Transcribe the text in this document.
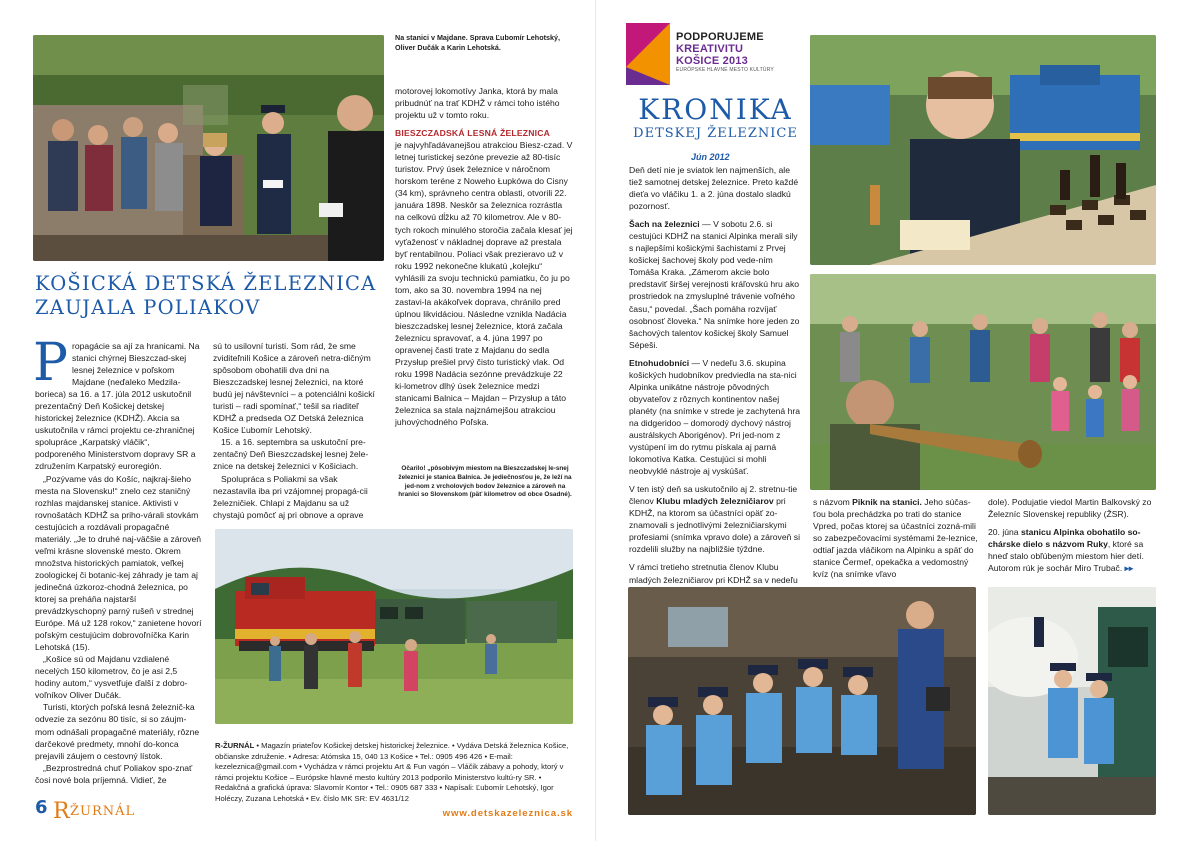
Na stanici v Majdane. Sprava Ľubomír Lehotský, Oliver Dučák a Karin Lehotská.
KOŠICKÁ DETSKÁ ŽELEZNICA
ZAUJALA POLIAKOV
P ropagácie sa ají za hranicami. Na stanici chýrnej Bieszczad-skej lesnej železnice v poľskom Majdane (neďaleko Medzila-borieca) sa 16. a 17. júla 2012 uskutočnil prezentačný Deň Košickej detskej historickej železnice (KDHŽ). Akcia sa uskutočnila v rámci projektu ce-zhraničnej spolupráce „Karpatský vláčik“, podporeného Ministerstvom dopravy SR a združením Karpatský euroregión.

„Pozývame vás do Košíc, najkraj-šieho mesta na Slovensku!“ znelo cez staničný rozhlas majdanskej stanice. Aktivisti v rovnošatách KDHŽ sa priho-várali stovkám cestujúcich a rozdávali propagačné materiály. „Je to druhé naj-väčšie a zároveň veľmi krásne slovenské mesto. Okrem množstva historických pamiatok, veľkej zoologickej či botanic-kej záhrady je tam aj jedinečná úzkoroz-chodná železnica, po ktorej sa preháňa najstarší prevádzkyschopný parný rušeň v strednej Európe. Má už 128 rokov,“ zanietene hovorí poľským cestujúcim dobrovoľníčka Karin Lehotská (15).

„Košice sú od Majdanu vzdialené necelých 150 kilometrov, čo je asi 2,5 hodiny autom,“ vysvetľuje ďalší z dobro-voľníkov Oliver Dučák.

Turisti, ktorých poľská lesná železnič-ka odvezie za sezónu 80 tisíc, si so záujm-mom odnášali propagačné materiály, rôzne darčekové predmety, mnohí do-konca prejavili záujem o cestovný lístok.

„Bezprostredná chuť Poliakov spo-znať čosi nové bola príjemná. Vidieť, že

sú to usilovní turisti. Som rád, že sme zviditeľnili Košice a zároveň netra-dičným spôsobom obohatili dva dni na Bieszczadskej lesnej železnici, na ktoré budú jej návštevníci – a potenciálni košickí turisti – radi spomínať,“ tešil sa riaditeľ KDHŽ a predseda OZ Detská železnica Košice Ľubomír Lehotský.

15. a 16. septembra sa uskutoční pre-zentačný Deň Bieszczadskej lesnej žele-znice na detskej železnici v Košiciach.

Spolupráca s Poliakmi sa však nezastavila iba pri vzájomnej propagá-cii železničiek. Chlapi z Majdanu sa už chystajú pomôcť aj pri obnove a oprave

motorovej lokomotívy Janka, ktorá by mala pribudnúť na trať KDHŽ v rámci toho istého projektu už v tomto roku.

BIESZCZADSKÁ LESNÁ ŽELEZNICA
je najvyhľadávanejšou atrakciou Biesz-czad. V letnej turistickej sezóne prevezie až 80-tisíc turistov. Prvý úsek železnice v náročnom horskom teréne z Noweho Łupkówa do Cisny (34 km), správneho centra oblasti, otvorili 22. januára 1898. Neskôr sa železnica rozrástla na celkovú dĺžku až 70 kilometrov. Ale v 80-tych rokoch minulého storočia začala klesať jej vyťaženosť v nákladnej doprave až prestala byť rentabilnou. Poliaci však prezieravo už v roku 1992 nekonečne klukatú „kolejku“ vyhlásili za svoju technickú pamiatku, čo ju po tom, ako sa 30. novembra 1994 na nej zastavi-la akákoľvek doprava, chránilo pred úplnou likvidáciou. Následne vznikla Nadácia bieszczadskej lesnej železnice, ktorá začala železnicu spravovať, a 4. júna 1997 po opravenej časti trate z Majdanu do sedla Przysłup prešiel prvý čisto turistický vlak. Od roku 1998 Nadácia sezónne prevádzkuje 22 ki-lometrov dlhý úsek železnice medzi stanicami Balnica – Majdan – Przysłup a táto železnica sa stala najznámejšou atrakciou juhovýchodného Poľska.

Očarilo! „pôsobivým miestom na Bieszczadskej le-snej železnici je stanica Balnica. Je jediečnosťou je, že leží na jed-nom z vrcholových bodov železnice a zároveň na hranici so Slovenskom (päť kilometrov od obce Osadné).
R-ŽURNÁL • Magazín priateľov Košickej detskej historickej železnice. • Vydáva Detská železnica Košice, občianske združenie. • Adresa: Atómska 15, 040 13 Košice • Tel.: 0905 496 426 • E-mail: kezeleznica@gmail.com • Vychádza v rámci projektu Art & Fun vagón – Vláčik zábavy a pohody, ktorý v rámci projektu Košice – Európske hlavné mesto kultúry 2013 podporilo Ministerstvo kultú-ry SR. • Redakčná a grafická úprava: Slavomír Kontor • Tel.: 0905 687 333 • Napísali: Ľubomír Lehotský, Igor Holéczy, Zuzana Lehotská • Ev. číslo MK SR: EV 4631/12
www.detskazeleznica.sk
6 R ŽURNÁL
PODPORUJEME
KREATIVITU
KOŠICE 2013
EURÓPSKE HLAVNÉ MESTO KULTÚRY
KRONIKA
DETSKEJ ŽELEZNICE
Jún 2012

Deň detí nie je sviatok len najmenších, ale tiež samotnej detskej železnice. Preto každé dieťa vo vláčiku 1. a 2. júna dostalo sladkú pozornosť.

Šach na železnici — V sobotu 2.6. si cestujúci KDHŽ na stanici Alpinka merali sily s najlepšími košickými šachistami z Prvej košickej šachovej školy pod vede-ním Tomáša Kraka. „Zámerom akcie bolo predstaviť širšej verejnosti kráľovskú hru ako prostriedok na zmysluplné trávenie voľného času,“ povedal. „Šach pomáha rozvíjať osobnosť človeka.“ Na snímke hore jeden zo šachových talentov košickej školy Samuel Sépeši.

Etnohudobníci — V nedeľu 3.6. skupina košických hudobníkov predviedla na sta-nici Alpinka unikátne nástroje pôvodných obyvateľov z rôznych kontinentov našej planéty (na snímke v strede je zachytená hra na didgeridoo – domorodý dychový nástroj austrálskych Aborigénov). Pri jed-nom z vystúpení im do rytmu pískala aj parná lokomotíva Katka. Cestujúci si mohli neobvyklé nástroje aj vyskúšať.

V ten istý deň sa uskutočnilo aj 2. stretnu-tie členov Klubu mladých železničiarov pri KDHŽ, na ktorom sa účastníci opäť zo-znamovali s jednotlivými železničiarskymi profesiami (snímka vpravo dole) a zároveň si rozdelili služby na najbližšie týždne.

V rámci tretieho stretnutia členov Klubu mladých železničiarov pri KDHŽ sa v nedeľu

s názvom Piknik na stanici. Jeho súčas-ťou bola prechádzka po trati do stanice Vpred, počas ktorej sa účastníci zozná-mili so zabezpečovacími systémami že-leznice, odtiaľ jazda vláčikom na Alpinku a späť do stanice Čermeľ, opekačka a vedomostný kvíz (na snímke vľavo

dole). Podujatie viedol Martin Balkovský zo Železníc Slovenskej republiky (ŽSR).

20. júna stanicu Alpinka obohatilo so-chárske dielo s názvom Ruky, ktoré sa hneď stalo obľúbeným miestom hier detí. Autorom rúk je sochár Miro Trubač. ▸▸
